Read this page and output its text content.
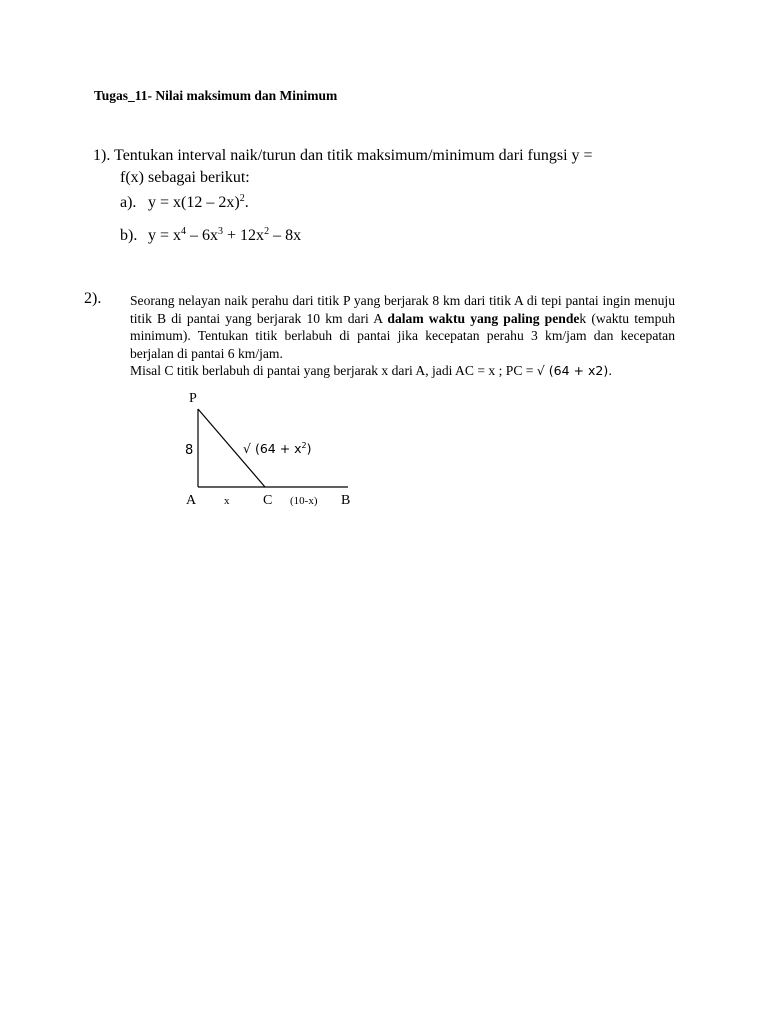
Tugas_11- Nilai maksimum dan Minimum
1). Tentukan interval naik/turun dan titik maksimum/minimum dari fungsi y =
f(x) sebagai berikut:
a). y = x(12 – 2x)$^2$.
b). $y = x^4 - 6x^3 + 12x^2 - 8x$
2). Seorang nelayan naik perahu dari titik P yang berjarak 8 km dari titik A di tepi pantai ingin menuju titik B di pantai yang berjarak 10 km dari A dalam waktu yang paling pendek (waktu tempuh minimum). Tentukan titik berlabuh di pantai jika kecepatan perahu 3 km/jam dan kecepatan berjalan di pantai 6 km/jam.

Misal C titik berlabuh di pantai yang berjarak x dari A, jadi AC = x ; PC = √ (64 + x2).

P
8	√ $(64 + x^2)$
A	x C (10-x) B
